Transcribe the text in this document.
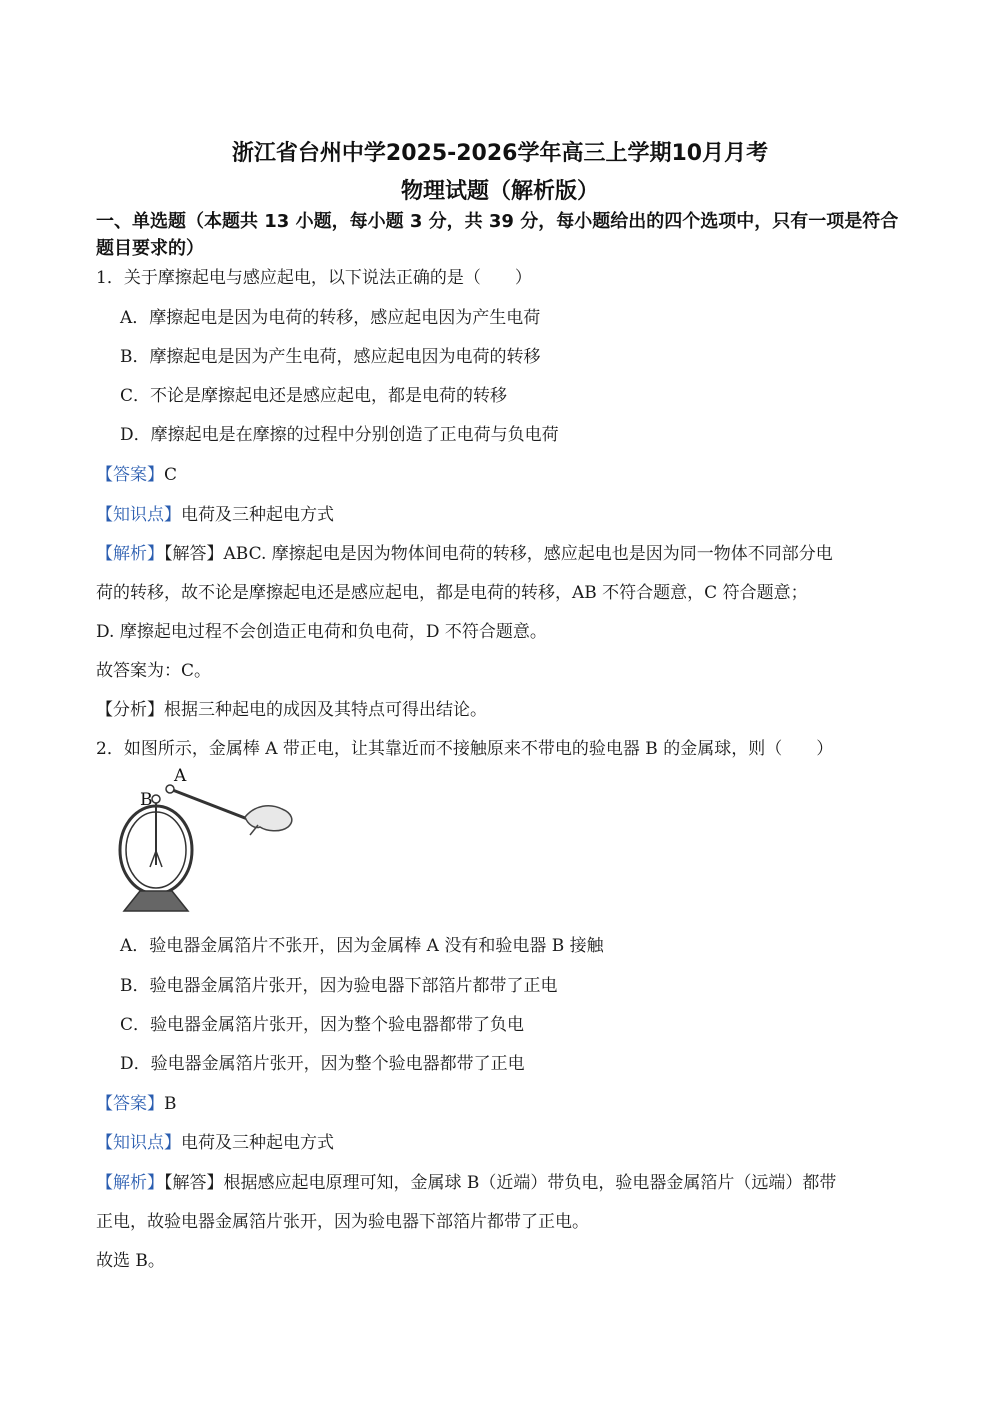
浙江省台州中学2025-2026学年高三上学期10月月考
物理试题（解析版）
一、单选题（本题共 13 小题，每小题 3 分，共 39 分，每小题给出的四个选项中，只有一项是符合题目要求的）
1．关于摩擦起电与感应起电，以下说法正确的是（　　）
A．摩擦起电是因为电荷的转移，感应起电因为产生电荷
B．摩擦起电是因为产生电荷，感应起电因为电荷的转移
C．不论是摩擦起电还是感应起电，都是电荷的转移
D．摩擦起电是在摩擦的过程中分别创造了正电荷与负电荷
【答案】C
【知识点】电荷及三种起电方式
【解析】【解答】ABC. 摩擦起电是因为物体间电荷的转移，感应起电也是因为同一物体不同部分电
荷的转移，故不论是摩擦起电还是感应起电，都是电荷的转移，AB 不符合题意，C 符合题意；
D. 摩擦起电过程不会创造正电荷和负电荷，D 不符合题意。
故答案为：C。
【分析】根据三种起电的成因及其特点可得出结论。
2．如图所示，金属棒 A 带正电，让其靠近而不接触原来不带电的验电器 B 的金属球，则（　　）
A
B
A．验电器金属箔片不张开，因为金属棒 A 没有和验电器 B 接触
B．验电器金属箔片张开，因为验电器下部箔片都带了正电
C．验电器金属箔片张开，因为整个验电器都带了负电
D．验电器金属箔片张开，因为整个验电器都带了正电
【答案】B
【知识点】电荷及三种起电方式
【解析】【解答】根据感应起电原理可知，金属球 B（近端）带负电，验电器金属箔片（远端）都带
正电，故验电器金属箔片张开，因为验电器下部箔片都带了正电。
故选 B。
